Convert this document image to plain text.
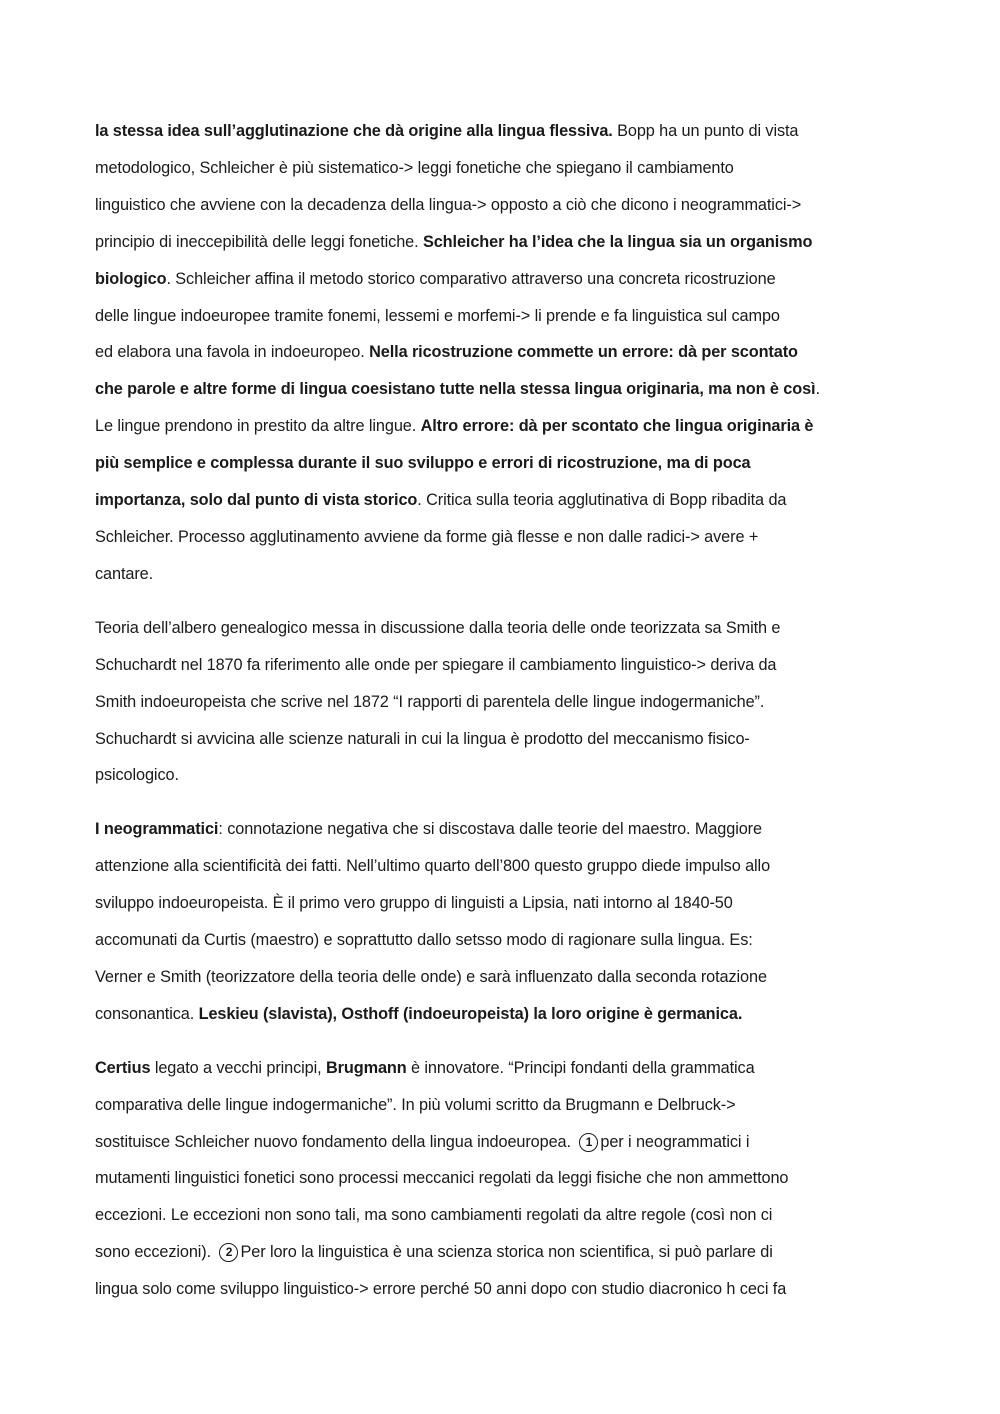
la stessa idea sull’agglutinazione che dà origine alla lingua flessiva. Bopp ha un punto di vista
metodologico, Schleicher è più sistematico-> leggi fonetiche che spiegano il cambiamento
linguistico che avviene con la decadenza della lingua-> opposto a ciò che dicono i neogrammatici->
principio di ineccepibilità delle leggi fonetiche. Schleicher ha l’idea che la lingua sia un organismo
biologico. Schleicher affina il metodo storico comparativo attraverso una concreta ricostruzione
delle lingue indoeuropee tramite fonemi, lessemi e morfemi-> li prende e fa linguistica sul campo
ed elabora una favola in indoeuropeo. Nella ricostruzione commette un errore: dà per scontato
che parole e altre forme di lingua coesistano tutte nella stessa lingua originaria, ma non è così.
Le lingue prendono in prestito da altre lingue. Altro errore: dà per scontato che lingua originaria è
più semplice e complessa durante il suo sviluppo e errori di ricostruzione, ma di poca
importanza, solo dal punto di vista storico. Critica sulla teoria agglutinativa di Bopp ribadita da
Schleicher. Processo agglutinamento avviene da forme già flesse e non dalle radici-> avere +
cantare.

Teoria dell’albero genealogico messa in discussione dalla teoria delle onde teorizzata sa Smith e
Schuchardt nel 1870 fa riferimento alle onde per spiegare il cambiamento linguistico-> deriva da
Smith indoeuropeista che scrive nel 1872 “I rapporti di parentela delle lingue indogermaniche”.
Schuchardt si avvicina alle scienze naturali in cui la lingua è prodotto del meccanismo fisico-
psicologico.

I neogrammatici: connotazione negativa che si discostava dalle teorie del maestro. Maggiore
attenzione alla scientificità dei fatti. Nell’ultimo quarto dell’800 questo gruppo diede impulso allo
sviluppo indoeuropeista. È il primo vero gruppo di linguisti a Lipsia, nati intorno al 1840-50
accomunati da Curtis (maestro) e soprattutto dallo setsso modo di ragionare sulla lingua. Es:
Verner e Smith (teorizzatore della teoria delle onde) e sarà influenzato dalla seconda rotazione
consonantica. Leskieu (slavista), Osthoff (indoeuropeista) la loro origine è germanica.

Certius legato a vecchi principi, Brugmann è innovatore. “Principi fondanti della grammatica
comparativa delle lingue indogermaniche”. In più volumi scritto da Brugmann e Delbruck->
sostituisce Schleicher nuovo fondamento della lingua indoeuropea. 1 per i neogrammatici i
mutamenti linguistici fonetici sono processi meccanici regolati da leggi fisiche che non ammettono
eccezioni. Le eccezioni non sono tali, ma sono cambiamenti regolati da altre regole (così non ci
sono eccezioni). 2 Per loro la linguistica è una scienza storica non scientifica, si può parlare di
lingua solo come sviluppo linguistico-> errore perché 50 anni dopo con studio diacronico h ceci fa
